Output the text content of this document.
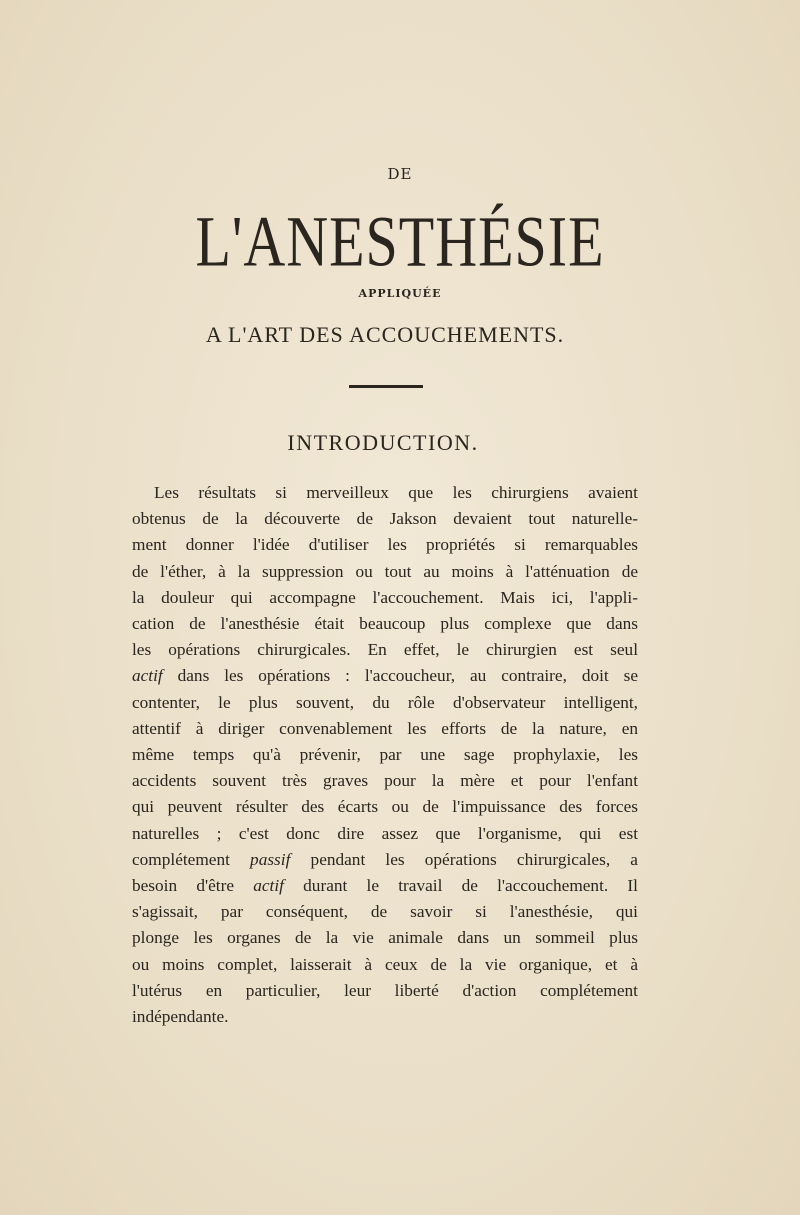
DE
L'ANESTHÉSIE
APPLIQUÉE
A L'ART DES ACCOUCHEMENTS.
INTRODUCTION.
Les résultats si merveilleux que les chirurgiens avaient
obtenus de la découverte de Jakson devaient tout naturelle-
ment donner l'idée d'utiliser les propriétés si remarquables
de l'éther, à la suppression ou tout au moins à l'atténuation de
la douleur qui accompagne l'accouchement. Mais ici, l'appli-
cation de l'anesthésie était beaucoup plus complexe que dans
les opérations chirurgicales. En effet, le chirurgien est seul
actif dans les opérations : l'accoucheur, au contraire, doit se
contenter, le plus souvent, du rôle d'observateur intelligent,
attentif à diriger convenablement les efforts de la nature, en
même temps qu'à prévenir, par une sage prophylaxie, les
accidents souvent très graves pour la mère et pour l'enfant
qui peuvent résulter des écarts ou de l'impuissance des forces
naturelles ; c'est donc dire assez que l'organisme, qui est
complétement passif pendant les opérations chirurgicales, a
besoin d'être actif durant le travail de l'accouchement. Il
s'agissait, par conséquent, de savoir si l'anesthésie, qui
plonge les organes de la vie animale dans un sommeil plus
ou moins complet, laisserait à ceux de la vie organique, et à
l'utérus en particulier, leur liberté d'action complétement
indépendante.
